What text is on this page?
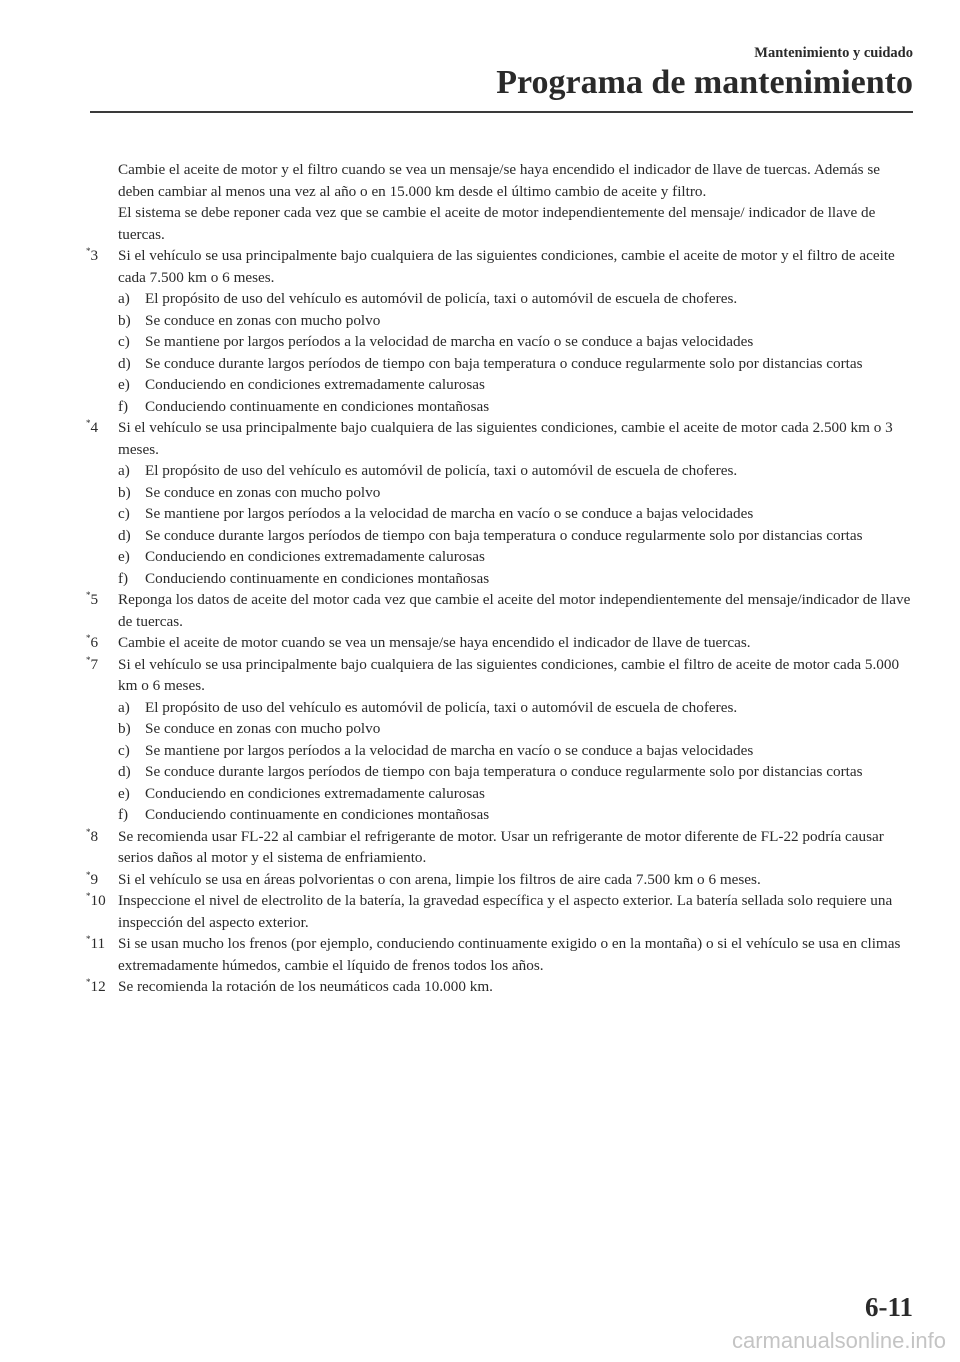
Mantenimiento y cuidado
Programa de mantenimiento
Cambie el aceite de motor y el filtro cuando se vea un mensaje/se haya encendido el indicador de llave de tuercas. Además se deben cambiar al menos una vez al año o en 15.000 km desde el último cambio de aceite y filtro.
El sistema se debe reponer cada vez que se cambie el aceite de motor independientemente del mensaje/ indicador de llave de tuercas.
*3 Si el vehículo se usa principalmente bajo cualquiera de las siguientes condiciones, cambie el aceite de motor y el filtro de aceite cada 7.500 km o 6 meses.
a) El propósito de uso del vehículo es automóvil de policía, taxi o automóvil de escuela de choferes.
b) Se conduce en zonas con mucho polvo
c) Se mantiene por largos períodos a la velocidad de marcha en vacío o se conduce a bajas velocidades
d) Se conduce durante largos períodos de tiempo con baja temperatura o conduce regularmente solo por distancias cortas
e) Conduciendo en condiciones extremadamente calurosas
f) Conduciendo continuamente en condiciones montañosas
*4 Si el vehículo se usa principalmente bajo cualquiera de las siguientes condiciones, cambie el aceite de motor cada 2.500 km o 3 meses.
a) El propósito de uso del vehículo es automóvil de policía, taxi o automóvil de escuela de choferes.
b) Se conduce en zonas con mucho polvo
c) Se mantiene por largos períodos a la velocidad de marcha en vacío o se conduce a bajas velocidades
d) Se conduce durante largos períodos de tiempo con baja temperatura o conduce regularmente solo por distancias cortas
e) Conduciendo en condiciones extremadamente calurosas
f) Conduciendo continuamente en condiciones montañosas
*5 Reponga los datos de aceite del motor cada vez que cambie el aceite del motor independientemente del mensaje/indicador de llave de tuercas.
*6 Cambie el aceite de motor cuando se vea un mensaje/se haya encendido el indicador de llave de tuercas.
*7 Si el vehículo se usa principalmente bajo cualquiera de las siguientes condiciones, cambie el filtro de aceite de motor cada 5.000 km o 6 meses.
a) El propósito de uso del vehículo es automóvil de policía, taxi o automóvil de escuela de choferes.
b) Se conduce en zonas con mucho polvo
c) Se mantiene por largos períodos a la velocidad de marcha en vacío o se conduce a bajas velocidades
d) Se conduce durante largos períodos de tiempo con baja temperatura o conduce regularmente solo por distancias cortas
e) Conduciendo en condiciones extremadamente calurosas
f) Conduciendo continuamente en condiciones montañosas
*8 Se recomienda usar FL-22 al cambiar el refrigerante de motor. Usar un refrigerante de motor diferente de FL-22 podría causar serios daños al motor y el sistema de enfriamiento.
*9 Si el vehículo se usa en áreas polvorientas o con arena, limpie los filtros de aire cada 7.500 km o 6 meses.
*10 Inspeccione el nivel de electrolito de la batería, la gravedad específica y el aspecto exterior. La batería sellada solo requiere una inspección del aspecto exterior.
*11 Si se usan mucho los frenos (por ejemplo, conduciendo continuamente exigido o en la montaña) o si el vehículo se usa en climas extremadamente húmedos, cambie el líquido de frenos todos los años.
*12 Se recomienda la rotación de los neumáticos cada 10.000 km.
6-11
carmanualsonline.info
